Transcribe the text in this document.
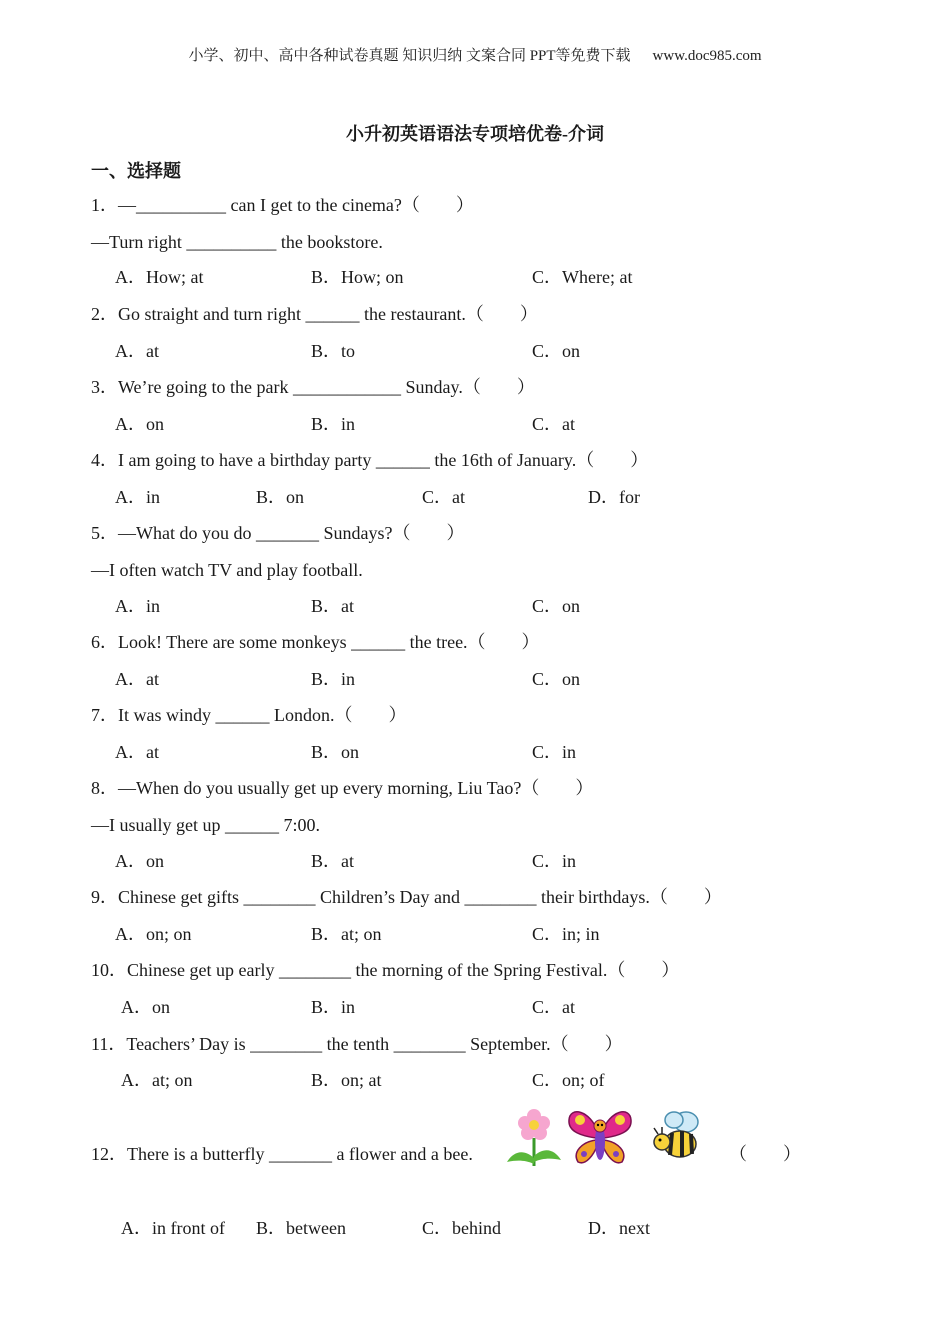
小学、初中、高中各种试卷真题 知识归纳 文案合同 PPT等免费下载 www.doc985.com
小升初英语语法专项培优卷-介词
一、选择题
1．—__________ can I get to the cinema?（　　）
—Turn right __________ the bookstore.
A．How; at	B．How; on	C．Where; at
2．Go straight and turn right ______ the restaurant.（　　）
A．at	B．to	C．on
3．We’re going to the park ____________ Sunday.（　　）
A．on	B．in	C．at
4．I am going to have a birthday party ______ the 16th of January.（　　）
A．in	B．on	C．at	D．for
5．—What do you do _______ Sundays?（　　）
—I often watch TV and play football.
A．in	B．at	C．on
6．Look! There are some monkeys ______ the tree.（　　）
A．at	B．in	C．on
7．It was windy ______ London.（　　）
A．at	B．on	C．in
8．—When do you usually get up every morning, Liu Tao?（　　）
—I usually get up ______ 7:00.
A．on	B．at	C．in
9．Chinese get gifts ________ Children’s Day and ________ their birthdays.（　　）
A．on; on	B．at; on	C．in; in
10．Chinese get up early ________ the morning of the Spring Festival.（　　）
A．on	B．in	C．at
11．Teachers’ Day is ________ the tenth ________ September.（　　）
A．at; on	B．on; at	C．on; of
12．There is a butterfly _______ a flower and a bee.	（　　）
A．in front of B．between	C．behind	D．next
